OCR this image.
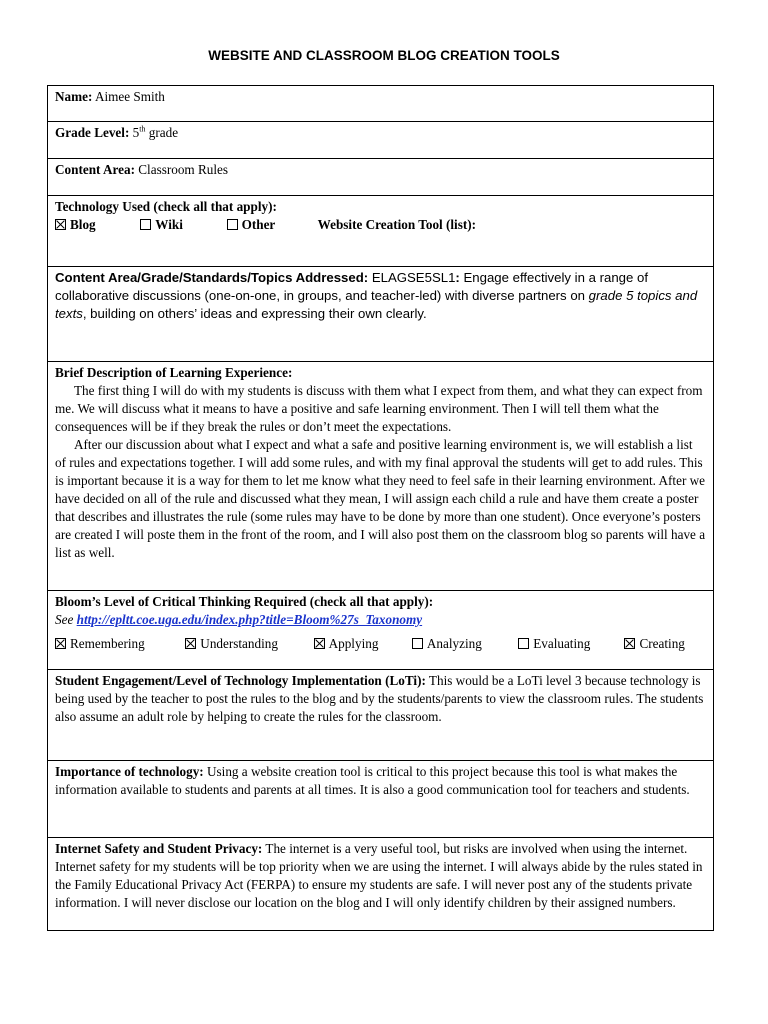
WEBSITE AND CLASSROOM BLOG CREATION TOOLS
Name: Aimee Smith
Grade Level: 5th grade
Content Area: Classroom Rules

Technology Used (check all that apply):
Blog	Wiki	Other	Website Creation Tool (list):

Content Area/Grade/Standards/Topics Addressed: ELAGSE5SL1: Engage effectively in a range of collaborative discussions (one-on-one, in groups, and teacher-led) with diverse partners on grade 5 topics and texts, building on others’ ideas and expressing their own clearly.

Brief Description of Learning Experience:

The first thing I will do with my students is discuss with them what I expect from them, and what they can expect from me. We will discuss what it means to have a positive and safe learning environment. Then I will tell them what the consequences will be if they break the rules or don’t meet the expectations.

After our discussion about what I expect and what a safe and positive learning environment is, we will establish a list of rules and expectations together. I will add some rules, and with my final approval the students will get to add rules. This is important because it is a way for them to let me know what they need to feel safe in their learning environment. After we have decided on all of the rule and discussed what they mean, I will assign each child a rule and have them create a poster that describes and illustrates the rule (some rules may have to be done by more than one student). Once everyone’s posters are created I will poste them in the front of the room, and I will also post them on the classroom blog so parents will have a list as well.

Bloom’s Level of Critical Thinking Required (check all that apply):
See http://epltt.coe.uga.edu/index.php?title=Bloom%27s_Taxonomy
Remembering	Understanding	Applying	Analyzing	Evaluating	Creating

Student Engagement/Level of Technology Implementation (LoTi): This would be a LoTi level 3 because technology is being used by the teacher to post the rules to the blog and by the students/parents to view the classroom rules. The students also assume an adult role by helping to create the rules for the classroom.
Importance of technology: Using a website creation tool is critical to this project because this tool is what makes the information available to students and parents at all times. It is also a good communication tool for teachers and students.
Internet Safety and Student Privacy: The internet is a very useful tool, but risks are involved when using the internet. Internet safety for my students will be top priority when we are using the internet. I will always abide by the rules stated in the Family Educational Privacy Act (FERPA) to ensure my students are safe. I will never post any of the students private information. I will never disclose our location on the blog and I will only identify children by their assigned numbers.
